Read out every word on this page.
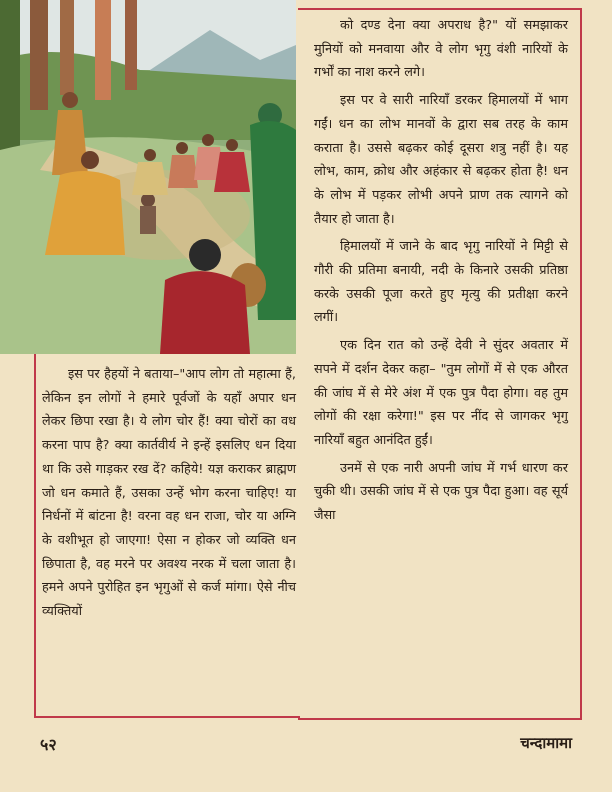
को दण्ड देना क्या अपराध है?" यों समझाकर मुनियों को मनवाया और वे लोग भृगु वंशी नारियों के गर्भों का नाश करने लगे।

इस पर वे सारी नारियाँ डरकर हिमालयों में भाग गईं। धन का लोभ मानवों के द्वारा सब तरह के काम कराता है। उससे बढ़कर कोई दूसरा शत्रु नहीं है। यह लोभ, काम, क्रोध और अहंकार से बढ़कर होता है! धन के लोभ में पड़कर लोभी अपने प्राण तक त्यागने को तैयार हो जाता है।

हिमालयों में जाने के बाद भृगु नारियों ने मिट्टी से गौरी की प्रतिमा बनायी, नदी के किनारे उसकी प्रतिष्ठा करके उसकी पूजा करते हुए मृत्यु की प्रतीक्षा करने लगीं।

एक दिन रात को उन्हें देवी ने सुंदर अवतार में सपने में दर्शन देकर कहा– "तुम लोगों में से एक औरत की जांघ में से मेरे अंश में एक पुत्र पैदा होगा। वह तुम लोगों की रक्षा करेगा!" इस पर नींद से जागकर भृगु नारियाँ बहुत आनंदित हुईं।

उनमें से एक नारी अपनी जांघ में गर्भ धारण कर चुकी थी। उसकी जांघ में से एक पुत्र पैदा हुआ। वह सूर्य जैसा

इस पर हैहयों ने बताया–"आप लोग तो महात्मा हैं, लेकिन इन लोगों ने हमारे पूर्वजों के यहाँ अपार धन लेकर छिपा रखा है। ये लोग चोर हैं! क्या चोरों का वध करना पाप है? क्या कार्तवीर्य ने इन्हें इसलिए धन दिया था कि उसे गाड़कर रख दें? कहिये! यज्ञ कराकर ब्राह्मण जो धन कमाते हैं, उसका उन्हें भोग करना चाहिए! या निर्धनों में बांटना है! वरना वह धन राजा, चोर या अग्नि के वशीभूत हो जाएगा! ऐसा न होकर जो व्यक्ति धन छिपाता है, वह मरने पर अवश्य नरक में चला जाता है। हमने अपने पुरोहित इन भृगुओं से कर्ज मांगा। ऐसे नीच व्यक्तियों

५२	चन्दामामा
